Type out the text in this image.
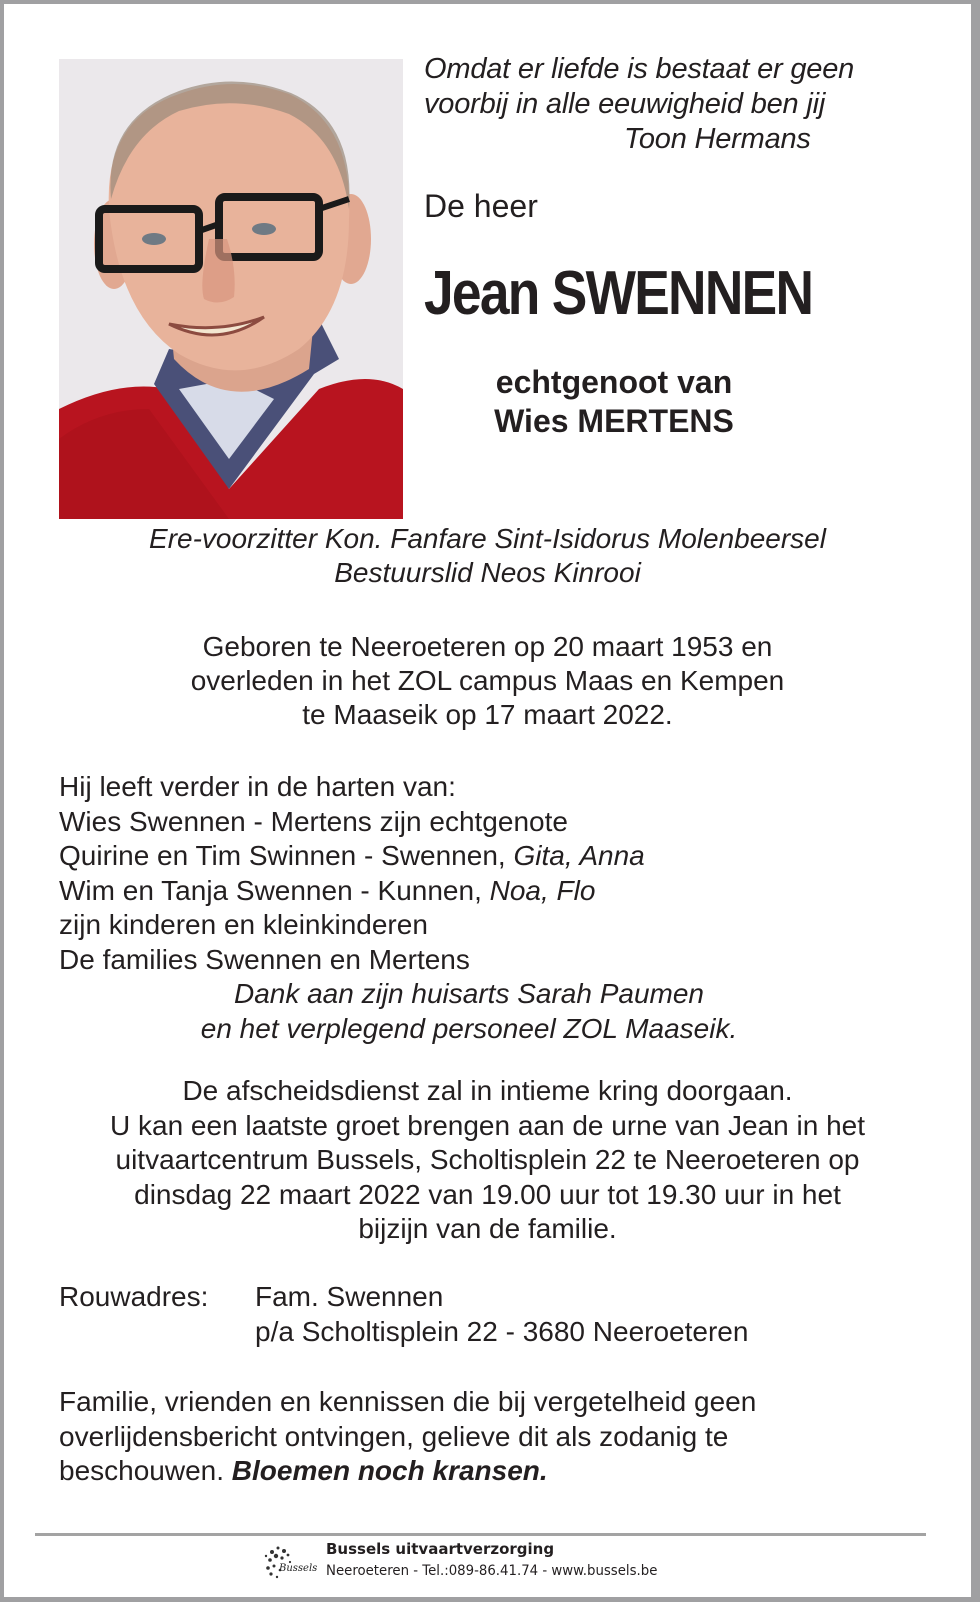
Omdat er liefde is bestaat er geen
voorbij in alle eeuwigheid ben jij
Toon Hermans
De heer
Jean SWENNEN
echtgenoot van
Wies MERTENS
Ere-voorzitter Kon. Fanfare Sint-Isidorus Molenbeersel
Bestuurslid Neos Kinrooi
Geboren te Neeroeteren op 20 maart 1953 en
overleden in het ZOL campus Maas en Kempen
te Maaseik op 17 maart 2022.
Hij leeft verder in de harten van:
Wies Swennen - Mertens zijn echtgenote
Quirine en Tim Swinnen - Swennen, Gita, Anna
Wim en Tanja Swennen - Kunnen, Noa, Flo
zijn kinderen en kleinkinderen
De families Swennen en Mertens
Dank aan zijn huisarts Sarah Paumen
en het verplegend personeel ZOL Maaseik.
De afscheidsdienst zal in intieme kring doorgaan.
U kan een laatste groet brengen aan de urne van Jean in het
uitvaartcentrum Bussels, Scholtisplein 22 te Neeroeteren op
dinsdag 22 maart 2022 van 19.00 uur tot 19.30 uur in het
bijzijn van de familie.
Rouwadres: Fam. Swennen
p/a Scholtisplein 22 - 3680 Neeroeteren
Familie, vrienden en kennissen die bij vergetelheid geen
overlijdensbericht ontvingen, gelieve dit als zodanig te
beschouwen. Bloemen noch kransen.
Bussels
Bussels uitvaartverzorging
Neeroeteren - Tel.:089-86.41.74 - www.bussels.be
